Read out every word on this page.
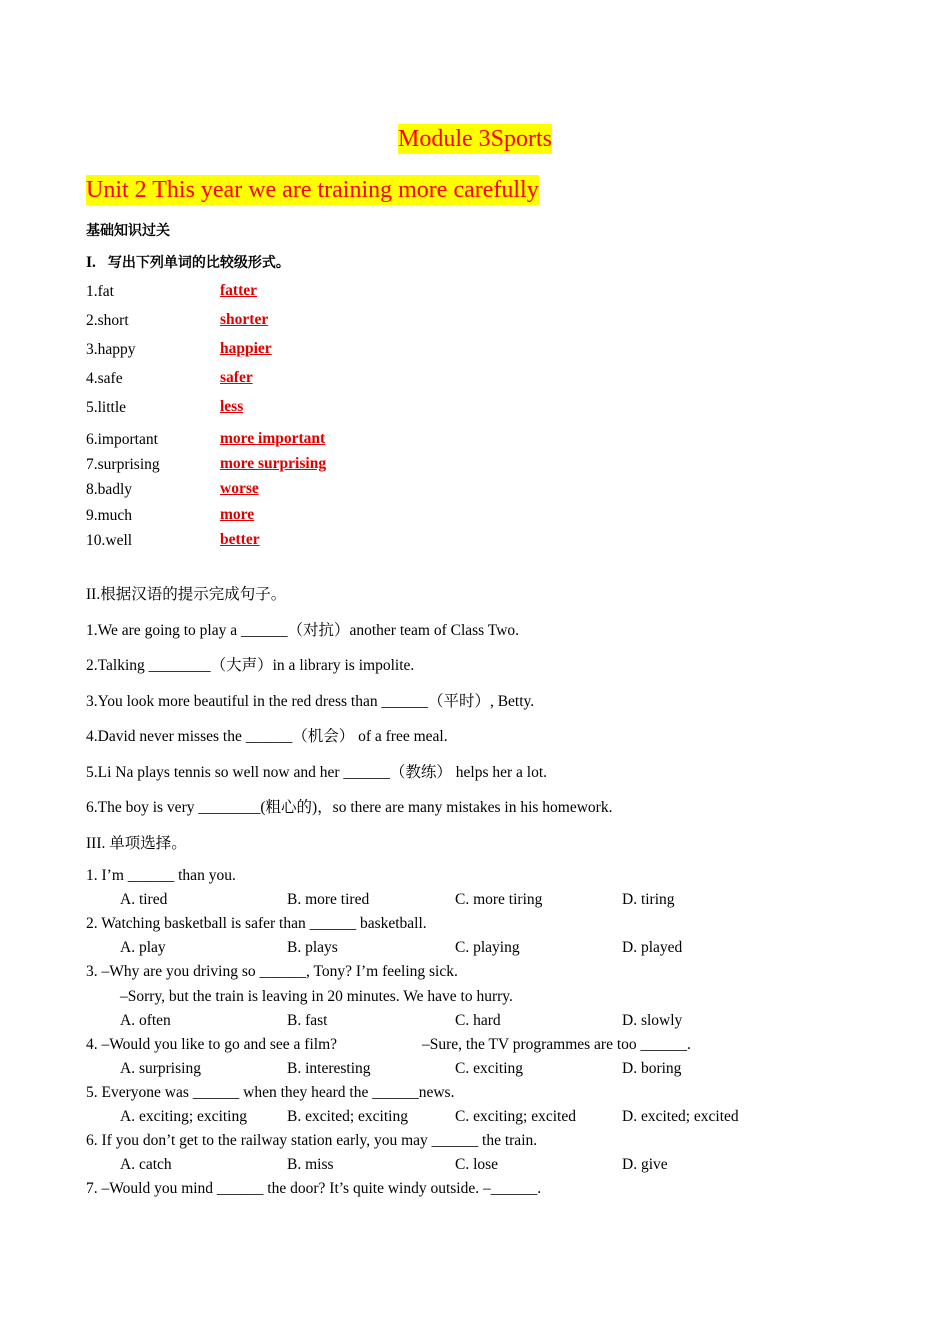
Module 3Sports
Unit 2 This year we are training more carefully
基础知识过关
I. 写出下列单词的比较级形式。
1.fat	fatter
2.short	shorter
3.happy	happier
4.safe	safer
5.little	less
6.important	more important
7.surprising	more surprising
8.badly	worse
9.much	more
10.well	better
II.根据汉语的提示完成句子。
1.We are going to play a ______（对抗）another team of Class Two.
2.Talking ________（大声）in a library is impolite.
3.You look more beautiful in the red dress than ______（平时）, Betty.
4.David never misses the ______（机会） of a free meal.
5.Li Na plays tennis so well now and her ______（教练） helps her a lot.
6.The boy is very ________(粗心的)，so there are many mistakes in his homework.
III. 单项选择。
1. I’m ______ than you.
A. tired	B. more tired	C. more tiring	D. tiring
2. Watching basketball is safer than ______ basketball.
A. play	B. plays	C. playing	D. played
3. –Why are you driving so ______, Tony? I’m feeling sick.
–Sorry, but the train is leaving in 20 minutes. We have to hurry.
A. often	B. fast	C. hard	D. slowly
4. –Would you like to go and see a film?	–Sure, the TV programmes are too ______.
A. surprising	B. interesting	C. exciting	D. boring
5. Everyone was ______ when they heard the ______news.
A. exciting; exciting	B. excited; exciting	C. exciting; excited	D. excited; excited
6. If you don’t get to the railway station early, you may ______ the train.
A. catch	B. miss	C. lose	D. give
7. –Would you mind ______ the door? It’s quite windy outside. –______.
